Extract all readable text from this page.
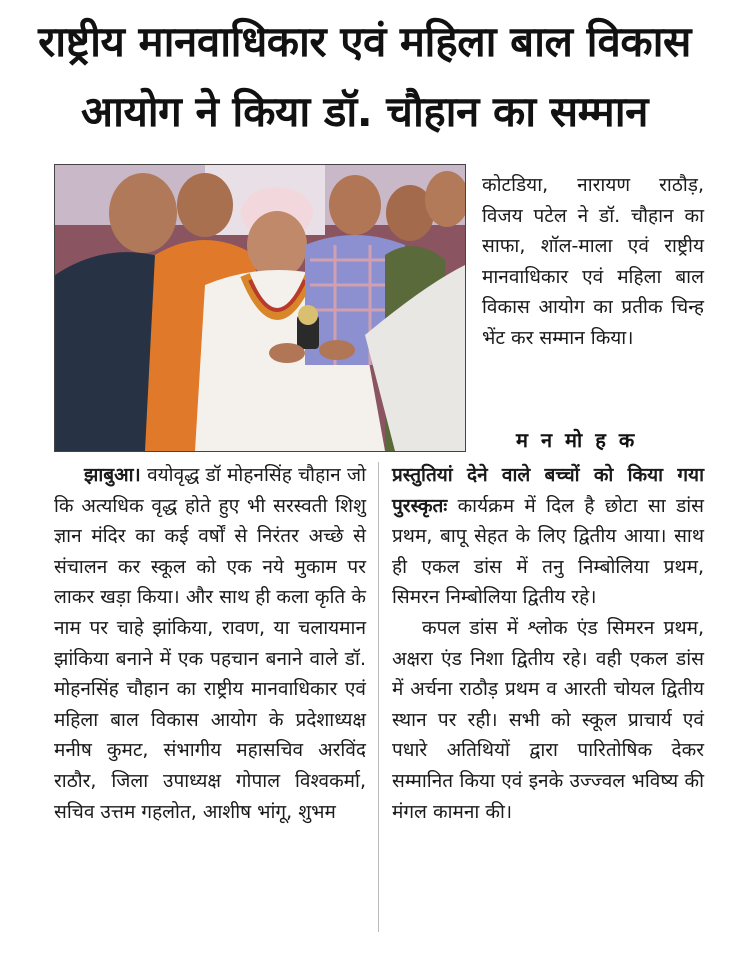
राष्ट्रीय मानवाधिकार एवं महिला बाल विकास
आयोग ने किया डॉ. चौहान का सम्मान

कोटडिया, नारायण राठौड़, विजय पटेल ने डॉ. चौहान का साफा, शॉल-माला एवं राष्ट्रीय मानवाधिकार एवं महिला बाल विकास आयोग का प्रतीक चिन्ह भेंट कर सम्मान किया।

मनमोहक

झाबुआ। वयोवृद्ध डॉ मोहनसिंह चौहान जो कि अत्यधिक वृद्ध होते हुए भी सरस्वती शिशु ज्ञान मंदिर का कई वर्षों से निरंतर अच्छे से संचालन कर स्कूल को एक नये मुकाम पर लाकर खड़ा किया। और साथ ही कला कृति के नाम पर चाहे झांकिया, रावण, या चलायमान झांकिया बनाने में एक पहचान बनाने वाले डॉ. मोहनसिंह चौहान का राष्ट्रीय मानवाधिकार एवं महिला बाल विकास आयोग के प्रदेशाध्यक्ष मनीष कुमट, संभागीय महासचिव अरविंद राठौर, जिला उपाध्यक्ष गोपाल विश्वकर्मा, सचिव उत्तम गहलोत, आशीष भांगू, शुभम

प्रस्तुतियां देने वाले बच्चों को किया गया पुरस्कृतः कार्यक्रम में दिल है छोटा सा डांस प्रथम, बापू सेहत के लिए द्वितीय आया। साथ ही एकल डांस में तनु निम्बोलिया प्रथम, सिमरन निम्बोलिया द्वितीय रहे।

कपल डांस में श्लोक एंड सिमरन प्रथम, अक्षरा एंड निशा द्वितीय रहे। वही एकल डांस में अर्चना राठौड़ प्रथम व आरती चोयल द्वितीय स्थान पर रही। सभी को स्कूल प्राचार्य एवं पधारे अतिथियों द्वारा पारितोषिक देकर सम्मानित किया एवं इनके उज्ज्वल भविष्य की मंगल कामना की।
